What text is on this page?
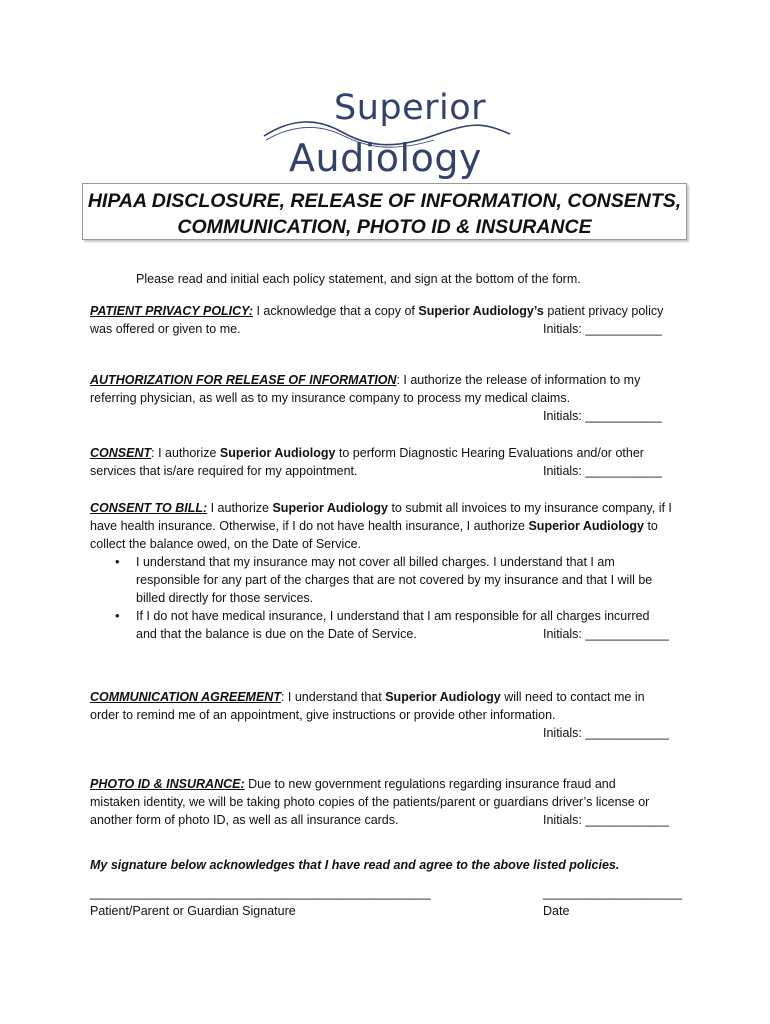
Superior
Audiology
HIPAA DISCLOSURE, RELEASE OF INFORMATION, CONSENTS,
COMMUNICATION, PHOTO ID & INSURANCE
Please read and initial each policy statement, and sign at the bottom of the form.
PATIENT PRIVACY POLICY: I acknowledge that a copy of Superior Audiology’s patient privacy policy
was offered or given to me.	Initials: ___________
AUTHORIZATION FOR RELEASE OF INFORMATION: I authorize the release of information to my
referring physician, as well as to my insurance company to process my medical claims.
Initials: ___________
CONSENT: I authorize Superior Audiology to perform Diagnostic Hearing Evaluations and/or other
services that is/are required for my appointment.	Initials: ___________
CONSENT TO BILL: I authorize Superior Audiology to submit all invoices to my insurance company, if I
have health insurance. Otherwise, if I do not have health insurance, I authorize Superior Audiology to
collect the balance owed, on the Date of Service.
• I understand that my insurance may not cover all billed charges. I understand that I am
responsible for any part of the charges that are not covered by my insurance and that I will be
billed directly for those services.
• If I do not have medical insurance, I understand that I am responsible for all charges incurred
and that the balance is due on the Date of Service.	Initials: ____________
COMMUNICATION AGREEMENT: I understand that Superior Audiology will need to contact me in
order to remind me of an appointment, give instructions or provide other information.
Initials: ____________
PHOTO ID & INSURANCE: Due to new government regulations regarding insurance fraud and
mistaken identity, we will be taking photo copies of the patients/parent or guardians driver’s license or
another form of photo ID, as well as all insurance cards.	Initials: ____________
My signature below acknowledges that I have read and agree to the above listed policies.
_________________________________________________	____________________
Patient/Parent or Guardian Signature	Date
